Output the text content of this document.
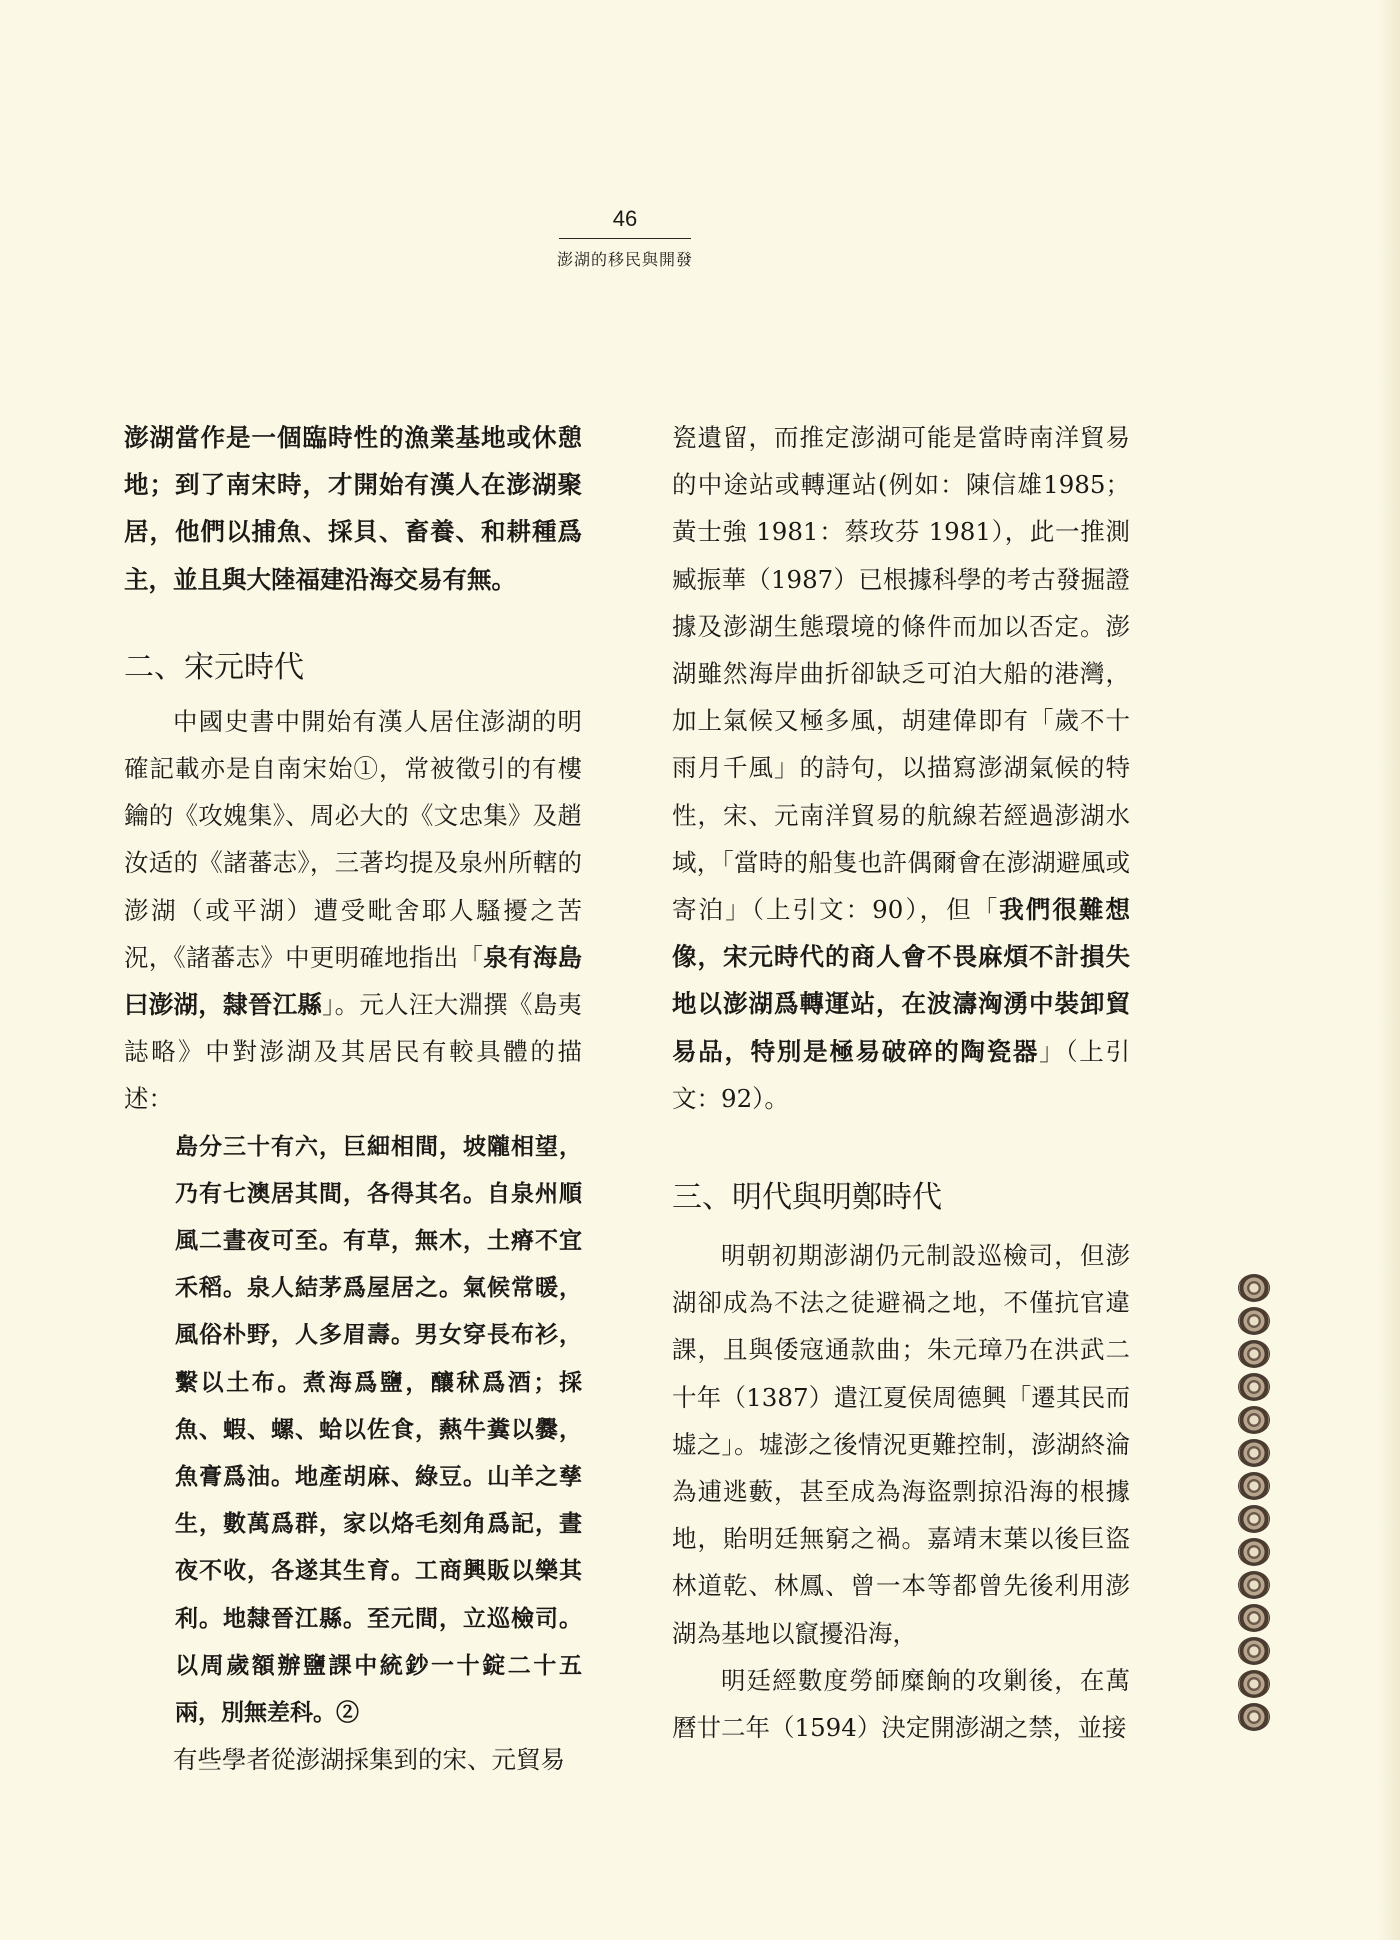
46
澎湖的移民與開發

澎湖當作是一個臨時性的漁業基地或休憩地；到了南宋時，才開始有漢人在澎湖聚居，他們以捕魚、採貝、畜養、和耕種爲主，並且與大陸福建沿海交易有無。

二、宋元時代

中國史書中開始有漢人居住澎湖的明確記載亦是自南宋始①，常被徵引的有樓鑰的《攻媿集》、周必大的《文忠集》及趙汝适的《諸蕃志》，三著均提及泉州所轄的澎湖（或平湖）遭受毗舍耶人騷擾之苦況，《諸蕃志》中更明確地指出「泉有海島曰澎湖，隸晉江縣」。元人汪大淵撰《島夷誌略》中對澎湖及其居民有較具體的描述：

島分三十有六，巨細相間，坡隴相望，乃有七澳居其間，各得其名。自泉州順風二晝夜可至。有草，無木，土瘠不宜禾稻。泉人結茅爲屋居之。氣候常暖，風俗朴野，人多眉壽。男女穿長布衫，繫以土布。煮海爲鹽，釀秫爲酒；採魚、蝦、螺、蛤以佐食，爇牛糞以爨，魚膏爲油。地產胡麻、綠豆。山羊之孳生，數萬爲群，家以烙毛刻角爲記，晝夜不收，各遂其生育。工商興販以樂其利。地隸晉江縣。至元間，立巡檢司。以周歲額辦鹽課中統鈔一十錠二十五兩，別無差科。②

有些學者從澎湖採集到的宋、元貿易

瓷遺留，而推定澎湖可能是當時南洋貿易的中途站或轉運站(例如：陳信雄1985；黃士強 1981：蔡玫芬 1981），此一推測臧振華（1987）已根據科學的考古發掘證據及澎湖生態環境的條件而加以否定。澎湖雖然海岸曲折卻缺乏可泊大船的港灣，加上氣候又極多風，胡建偉即有「歲不十雨月千風」的詩句，以描寫澎湖氣候的特性，宋、元南洋貿易的航線若經過澎湖水域，「當時的船隻也許偶爾會在澎湖避風或寄泊」（上引文：90），但「我們很難想像，宋元時代的商人會不畏麻煩不計損失地以澎湖爲轉運站，在波濤洶湧中裝卸貿易品，特別是極易破碎的陶瓷器」（上引文：92）。

三、明代與明鄭時代

明朝初期澎湖仍元制設巡檢司，但澎湖卻成為不法之徒避禍之地，不僅抗官違課，且與倭寇通款曲；朱元璋乃在洪武二十年（1387）遣江夏侯周德興「遷其民而墟之」。墟澎之後情況更難控制，澎湖終淪為逋逃藪，甚至成為海盜剽掠沿海的根據地，貽明廷無窮之禍。嘉靖末葉以後巨盜林道乾、林鳳、曾一本等都曾先後利用澎湖為基地以竄擾沿海，

明廷經數度勞師糜餉的攻剿後，在萬曆廿二年（1594）決定開澎湖之禁，並接
